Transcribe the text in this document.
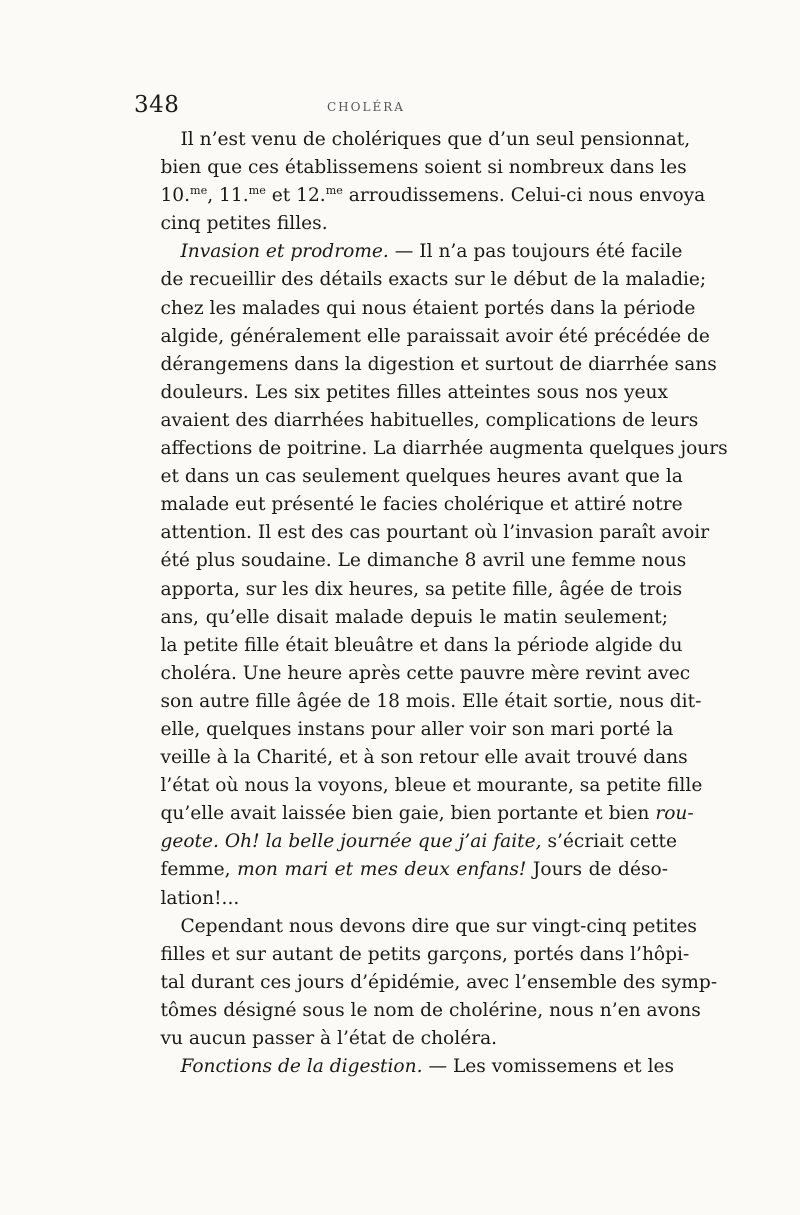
348	CHOLÉRA
Il n’est venu de cholériques que d’un seul pensionnat,
bien que ces établissemens soient si nombreux dans les
10.$^{me}$, 11.$^{me}$ et 12.$^{me}$ arroudissemens. Celui-ci nous envoya
cinq petites filles.
Invasion et prodrome. — Il n’a pas toujours été facile
de recueillir des détails exacts sur le début de la maladie;
chez les malades qui nous étaient portés dans la période
algide, généralement elle paraissait avoir été précédée de
dérangemens dans la digestion et surtout de diarrhée sans
douleurs. Les six petites filles atteintes sous nos yeux
avaient des diarrhées habituelles, complications de leurs
affections de poitrine. La diarrhée augmenta quelques jours
et dans un cas seulement quelques heures avant que la
malade eut présenté le facies cholérique et attiré notre
attention. Il est des cas pourtant où l’invasion paraît avoir
été plus soudaine. Le dimanche 8 avril une femme nous
apporta, sur les dix heures, sa petite fille, âgée de trois
ans, qu’elle disait malade depuis le matin seulement;
la petite fille était bleuâtre et dans la période algide du
choléra. Une heure après cette pauvre mère revint avec
son autre fille âgée de 18 mois. Elle était sortie, nous dit-
elle, quelques instans pour aller voir son mari porté la
veille à la Charité, et à son retour elle avait trouvé dans
l’état où nous la voyons, bleue et mourante, sa petite fille
qu’elle avait laissée bien gaie, bien portante et bien rou-
geote. Oh! la belle journée que j’ai faite, s’écriait cette
femme, mon mari et mes deux enfans! Jours de déso-
lation!...
Cependant nous devons dire que sur vingt-cinq petites
filles et sur autant de petits garçons, portés dans l’hôpi-
tal durant ces jours d’épidémie, avec l’ensemble des symp-
tômes désigné sous le nom de cholérine, nous n’en avons
vu aucun passer à l’état de choléra.
Fonctions de la digestion. — Les vomissemens et les
